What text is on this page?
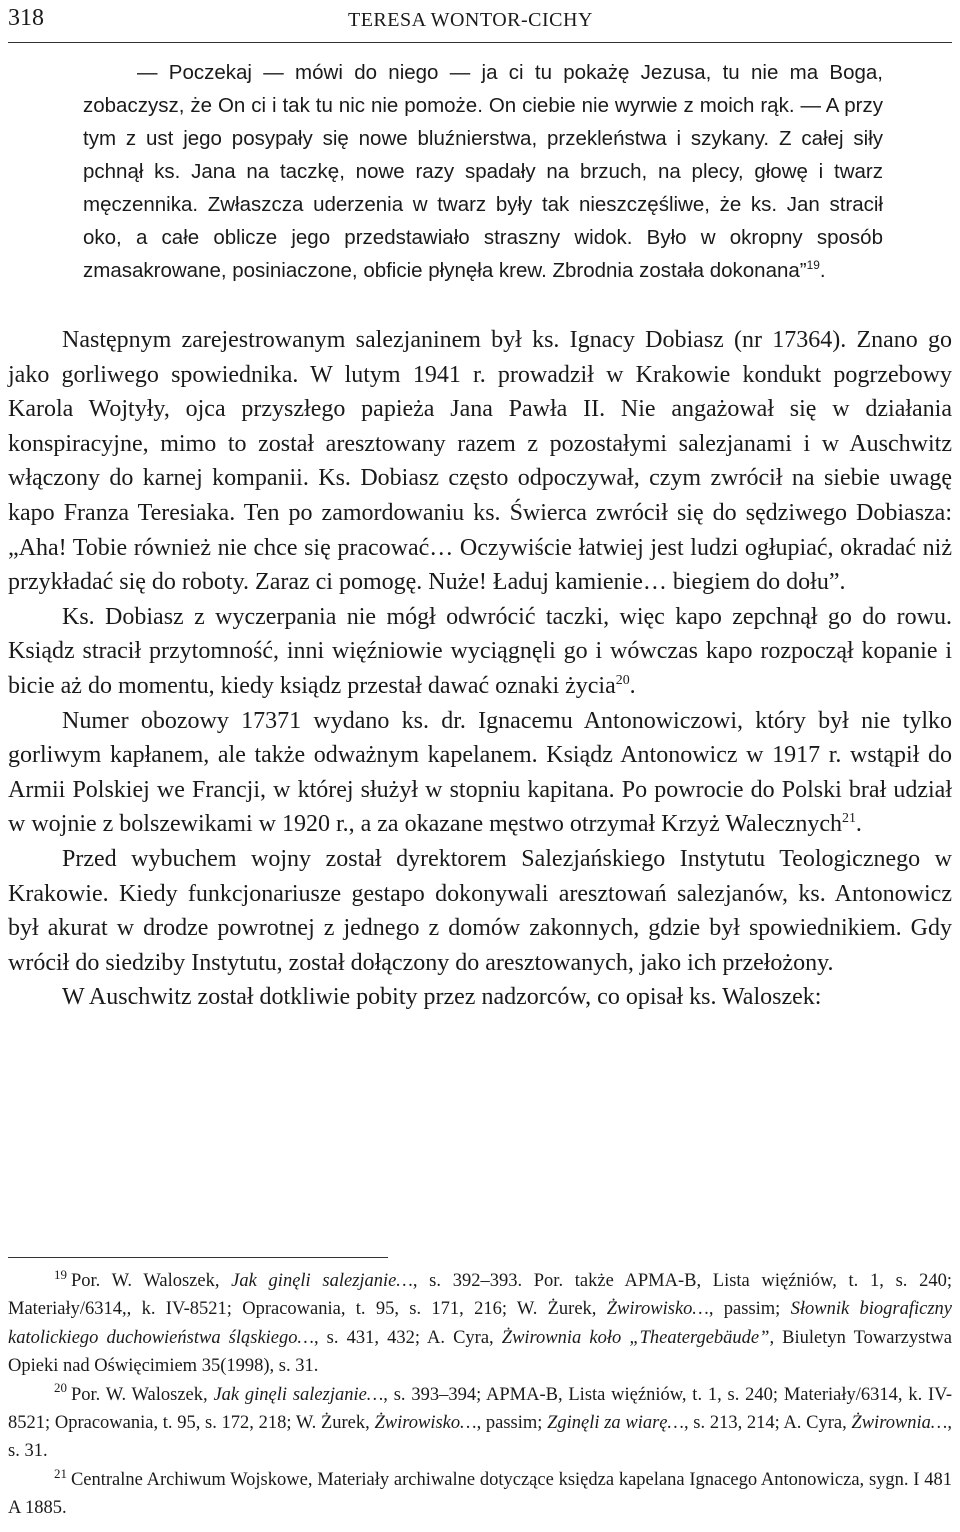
318	TERESA WONTOR-CICHY

— Poczekaj — mówi do niego — ja ci tu pokażę Jezusa, tu nie ma Boga, zobaczysz, że On ci i tak tu nic nie pomoże. On ciebie nie wyrwie z moich rąk. — A przy tym z ust jego posypały się nowe bluźnierstwa, przekleństwa i szykany. Z całej siły pchnął ks. Jana na taczkę, nowe razy spadały na brzuch, na plecy, głowę i twarz męczennika. Zwłaszcza uderzenia w twarz były tak nieszczęśliwe, że ks. Jan stracił oko, a całe oblicze jego przedstawiało straszny widok. Było w okropny sposób zmasakrowane, posiniaczone, obficie płynęła krew. Zbrodnia została dokonana”$^{19}$.

Następnym zarejestrowanym salezjaninem był ks. Ignacy Dobiasz (nr 17364). Znano go jako gorliwego spowiednika. W lutym 1941 r. prowadził w Krakowie kondukt pogrzebowy Karola Wojtyły, ojca przyszłego papieża Jana Pawła II. Nie angażował się w działania konspiracyjne, mimo to został aresztowany razem z pozostałymi salezjanami i w Auschwitz włączony do karnej kompanii. Ks. Dobiasz często odpoczywał, czym zwrócił na siebie uwagę kapo Franza Teresiaka. Ten po zamordowaniu ks. Świerca zwrócił się do sędziwego Dobiasza: „Aha! Tobie również nie chce się pracować… Oczywiście łatwiej jest ludzi ogłupiać, okradać niż przykładać się do roboty. Zaraz ci pomogę. Nuże! Ładuj kamienie… biegiem do dołu”.

Ks. Dobiasz z wyczerpania nie mógł odwrócić taczki, więc kapo zepchnął go do rowu. Ksiądz stracił przytomność, inni więźniowie wyciągnęli go i wówczas kapo rozpoczął kopanie i bicie aż do momentu, kiedy ksiądz przestał dawać oznaki życia$^{20}$.

Numer obozowy 17371 wydano ks. dr. Ignacemu Antonowiczowi, który był nie tylko gorliwym kapłanem, ale także odważnym kapelanem. Ksiądz Antonowicz w 1917 r. wstąpił do Armii Polskiej we Francji, w której służył w stopniu kapitana. Po powrocie do Polski brał udział w wojnie z bolszewikami w 1920 r., a za okazane męstwo otrzymał Krzyż Walecznych$^{21}$.

Przed wybuchem wojny został dyrektorem Salezjańskiego Instytutu Teologicznego w Krakowie. Kiedy funkcjonariusze gestapo dokonywali aresztowań salezjanów, ks. Antonowicz był akurat w drodze powrotnej z jednego z domów zakonnych, gdzie był spowiednikiem. Gdy wrócił do siedziby Instytutu, został dołączony do aresztowanych, jako ich przełożony.

W Auschwitz został dotkliwie pobity przez nadzorców, co opisał ks. Waloszek:

$^{19}$ Por. W. Waloszek, Jak ginęli salezjanie…, s. 392–393. Por. także APMA-B, Lista więźniów, t. 1, s. 240; Materiały/6314,, k. IV-8521; Opracowania, t. 95, s. 171, 216; W. Żurek, Żwirowisko…, passim; Słownik biograficzny katolickiego duchowieństwa śląskiego…, s. 431, 432; A. Cyra, Żwirownia koło „Theatergebäude”, Biuletyn Towarzystwa Opieki nad Oświęcimiem 35(1998), s. 31.

$^{20}$ Por. W. Waloszek, Jak ginęli salezjanie…, s. 393–394; APMA-B, Lista więźniów, t. 1, s. 240; Materiały/6314, k. IV-8521; Opracowania, t. 95, s. 172, 218; W. Żurek, Żwirowisko…, passim; Zginęli za wiarę…, s. 213, 214; A. Cyra, Żwirownia…, s. 31.

$^{21}$ Centralne Archiwum Wojskowe, Materiały archiwalne dotyczące księdza kapelana Ignacego Antonowicza, sygn. I 481 A 1885.
